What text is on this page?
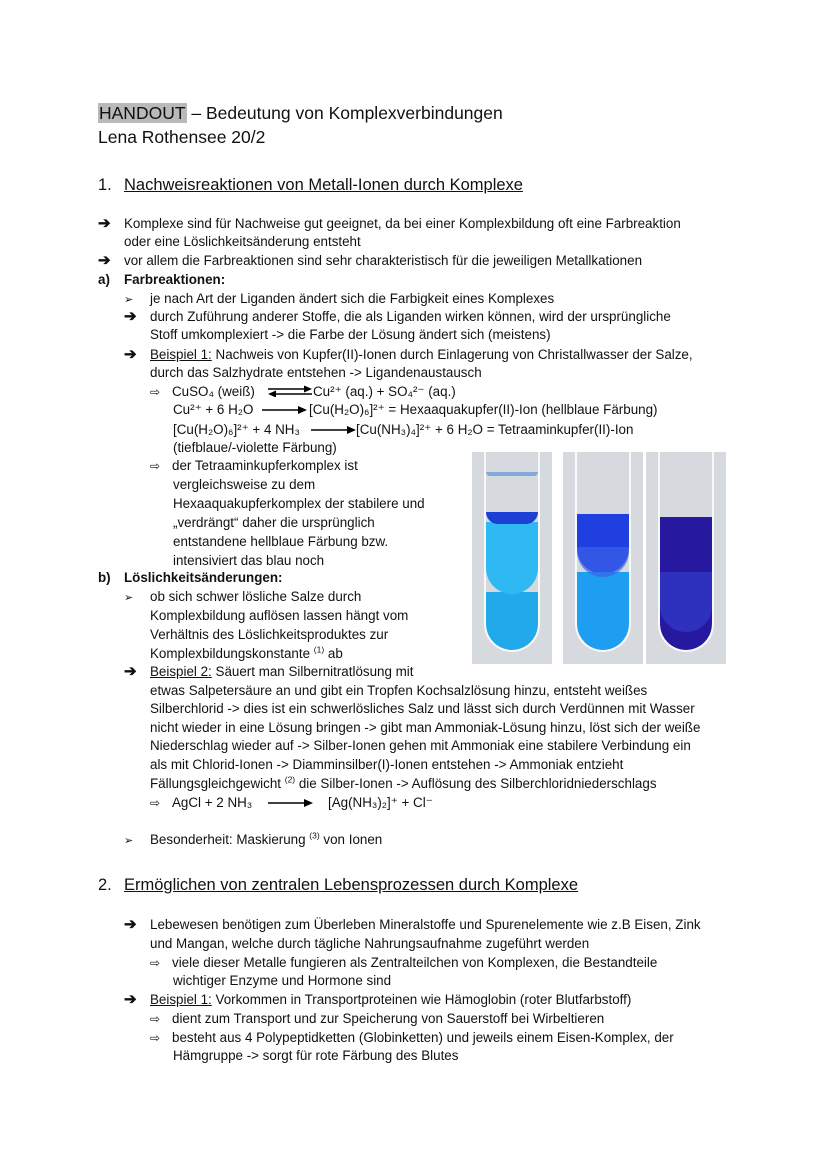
HANDOUT – Bedeutung von Komplexverbindungen
Lena Rothensee 20/2
1. Nachweisreaktionen von Metall-Ionen durch Komplexe
➔ Komplexe sind für Nachweise gut geeignet, da bei einer Komplexbildung oft eine Farbreaktion
oder eine Löslichkeitsänderung entsteht
➔ vor allem die Farbreaktionen sind sehr charakteristisch für die jeweiligen Metallkationen
a) Farbreaktionen:
➢ je nach Art der Liganden ändert sich die Farbigkeit eines Komplexes
➔ durch Zuführung anderer Stoffe, die als Liganden wirken können, wird der ursprüngliche
Stoff umkomplexiert -> die Farbe der Lösung ändert sich (meistens)
➔ Beispiel 1: Nachweis von Kupfer(II)-Ionen durch Einlagerung von Christallwasser der Salze,
durch das Salzhydrate entstehen -> Ligandenaustausch
⇨ CuSO₄ (weiß) ⇌ Cu²⁺ (aq.) + SO₄²⁻ (aq.)
Cu²⁺ + 6 H₂O → [Cu(H₂O)₆]²⁺ = Hexaaquakupfer(II)-Ion (hellblaue Färbung)
[Cu(H₂O)₆]²⁺ + 4 NH₃ → [Cu(NH₃)₄]²⁺ + 6 H₂O = Tetraaminkupfer(II)-Ion
(tiefblaue/-violette Färbung)
⇨ der Tetraaminkupferkomplex ist
vergleichsweise zu dem
Hexaaquakupferkomplex der stabilere und
„verdrängt“ daher die ursprünglich
entstandene hellblaue Färbung bzw.
intensiviert das blau noch
b) Löslichkeitsänderungen:
➢ ob sich schwer lösliche Salze durch
Komplexbildung auflösen lassen hängt vom
Verhältnis des Löslichkeitsproduktes zur
Komplexbildungskonstante $^{(1)}$ ab
➔ Beispiel 2: Säuert man Silbernitratlösung mit
etwas Salpetersäure an und gibt ein Tropfen Kochsalzlösung hinzu, entsteht weißes
Silberchlorid -> dies ist ein schwerlösliches Salz und lässt sich durch Verdünnen mit Wasser
nicht wieder in eine Lösung bringen -> gibt man Ammoniak-Lösung hinzu, löst sich der weiße
Niederschlag wieder auf -> Silber-Ionen gehen mit Ammoniak eine stabilere Verbindung ein
als mit Chlorid-Ionen -> Diamminsilber(I)-Ionen entstehen -> Ammoniak entzieht
Fällungsgleichgewicht $^{(2)}$ die Silber-Ionen -> Auflösung des Silberchloridniederschlags
⇨ AgCl + 2 NH₃ → [Ag(NH₃)₂]⁺ + Cl⁻
➢ Besonderheit: Maskierung $^{(3)}$ von Ionen
2. Ermöglichen von zentralen Lebensprozessen durch Komplexe
➔ Lebewesen benötigen zum Überleben Mineralstoffe und Spurenelemente wie z.B Eisen, Zink
und Mangan, welche durch tägliche Nahrungsaufnahme zugeführt werden
⇨ viele dieser Metalle fungieren als Zentralteilchen von Komplexen, die Bestandteile
wichtiger Enzyme und Hormone sind
➔ Beispiel 1: Vorkommen in Transportproteinen wie Hämoglobin (roter Blutfarbstoff)
⇨ dient zum Transport und zur Speicherung von Sauerstoff bei Wirbeltieren
⇨ besteht aus 4 Polypeptidketten (Globinketten) und jeweils einem Eisen-Komplex, der
Hämgruppe -> sorgt für rote Färbung des Blutes
